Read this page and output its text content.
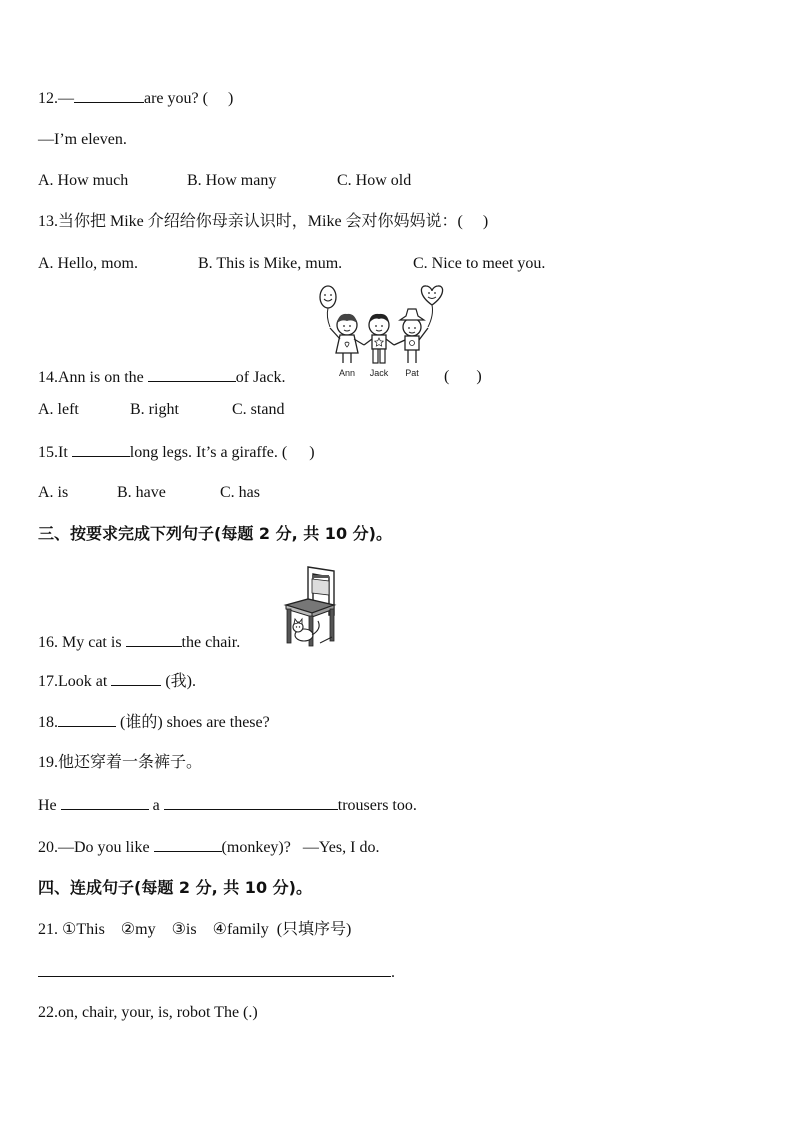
12.—	are you? ( )
—I’m eleven.
A. How much	B. How many	C. How old
13.当你把 Mike 介绍给你母亲认识时，Mike 会对你妈妈说：( )
A. Hello, mom.	B. This is Mike, mum.	C. Nice to meet you.
Ann Jack Pat
14.Ann is on the	of Jack.	( )
A. left	B. right	C. stand
15.It	long legs. It’s a giraffe. ( )
A. is	B. have	C. has
三、按要求完成下列句子(每题 2 分, 共 10 分)。
16. My cat is	the chair.
17.Look at	(我).
18.	(谁的) shoes are these?
19.他还穿着一条裤子。
He	a	trousers too.
20.—Do you like	(monkey)?   —Yes, I do.
四、连成句子(每题 2 分, 共 10 分)。
21. ①This    ②my    ③is    ④family  (只填序号)
.
22.on, chair, your, is, robot The (.)
